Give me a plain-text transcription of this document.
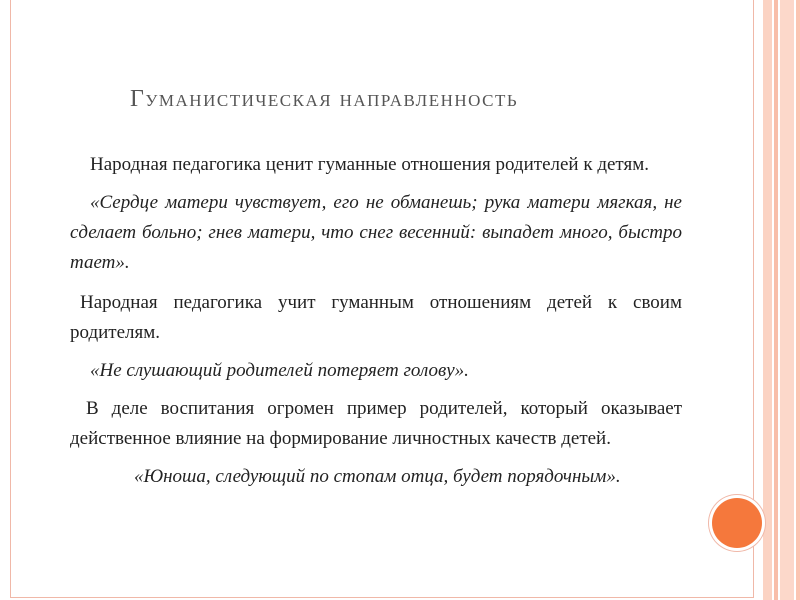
Гуманистическая направленность

Народная педагогика ценит гуманные отношения родителей к детям.

«Сердце матери чувствует, его не обманешь; рука матери мягкая, не сделает больно; гнев матери, что снег весенний: выпадет много, быстро тает».

Народная педагогика учит гуманным отношениям детей к своим родителям.

«Не слушающий родителей потеряет голову».

В деле воспитания огромен пример родителей, который оказывает действенное влияние на формирование личностных качеств детей.

«Юноша, следующий по стопам отца, будет порядочным».
